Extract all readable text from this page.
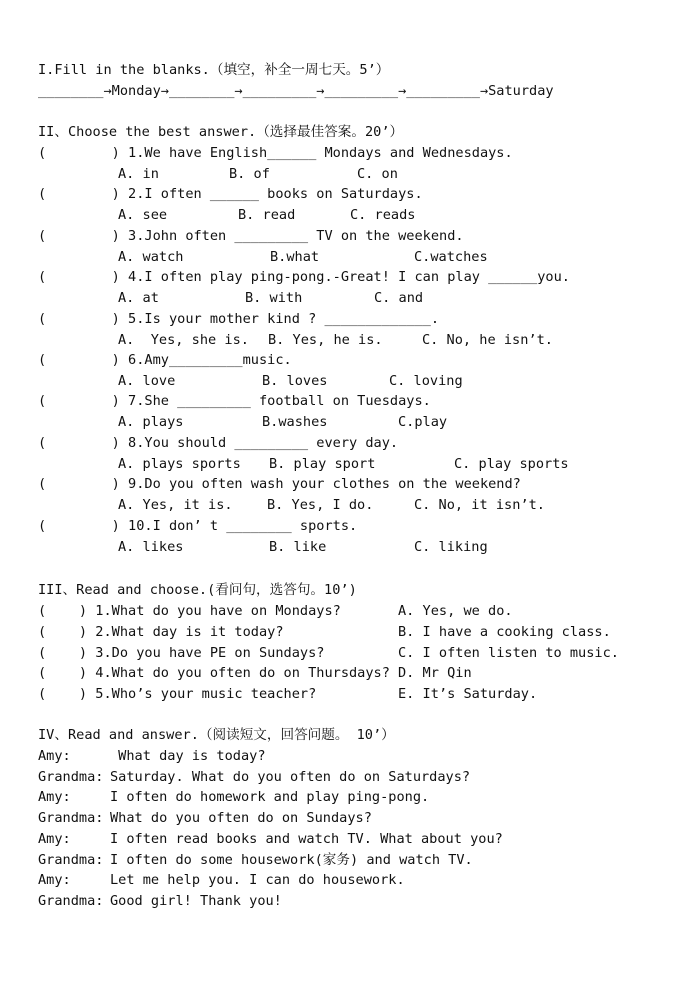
I.Fill in the blanks.（填空，补全一周七天。5’）
________→Monday→________→_________→_________→_________→Saturday
II、Choose the best answer.（选择最佳答案。20’）
(        ) 1.We have English______ Mondays and Wednesdays.
A. in	B. of	C. on
(        ) 2.I often ______ books on Saturdays.
A. see	B. read	C. reads
(        ) 3.John often _________ TV on the weekend.
A. watch	B.what	C.watches
(        ) 4.I often play ping-pong.-Great! I can play ______you.
A. at	B. with	C. and
(        ) 5.Is your mother kind ? _____________.
A.  Yes, she is. B. Yes, he is.	C. No, he isn’t.
(        ) 6.Amy_________music.
A. love	B. loves	C. loving
(        ) 7.She _________ football on Tuesdays.
A. plays	B.washes	C.play
(        ) 8.You should _________ every day.
A. plays sports B. play sport	C. play sports
(        ) 9.Do you often wash your clothes on the weekend?
A. Yes, it is.	B. Yes, I do.	C. No, it isn’t.
(        ) 10.I don’ t ________ sports.
A. likes	B. like	C. liking
III、Read and choose.(看问句，选答句。10’)
(    ) 1.What do you have on Mondays?	A. Yes, we do.
(    ) 2.What day is it today?	B. I have a cooking class.
(    ) 3.Do you have PE on Sundays?	C. I often listen to music.
(    ) 4.What do you often do on Thursdays? D. Mr Qin
(    ) 5.Who’s your music teacher?	E. It’s Saturday.
IV、Read and answer.（阅读短文，回答问题。 10’）
Amy:	What day is today?
Grandma: Saturday. What do you often do on Saturdays?
Amy:	I often do homework and play ping-pong.
Grandma: What do you often do on Sundays?
Amy:	I often read books and watch TV. What about you?
Grandma: I often do some housework(家务) and watch TV.
Amy:	Let me help you. I can do housework.
Grandma: Good girl! Thank you!
